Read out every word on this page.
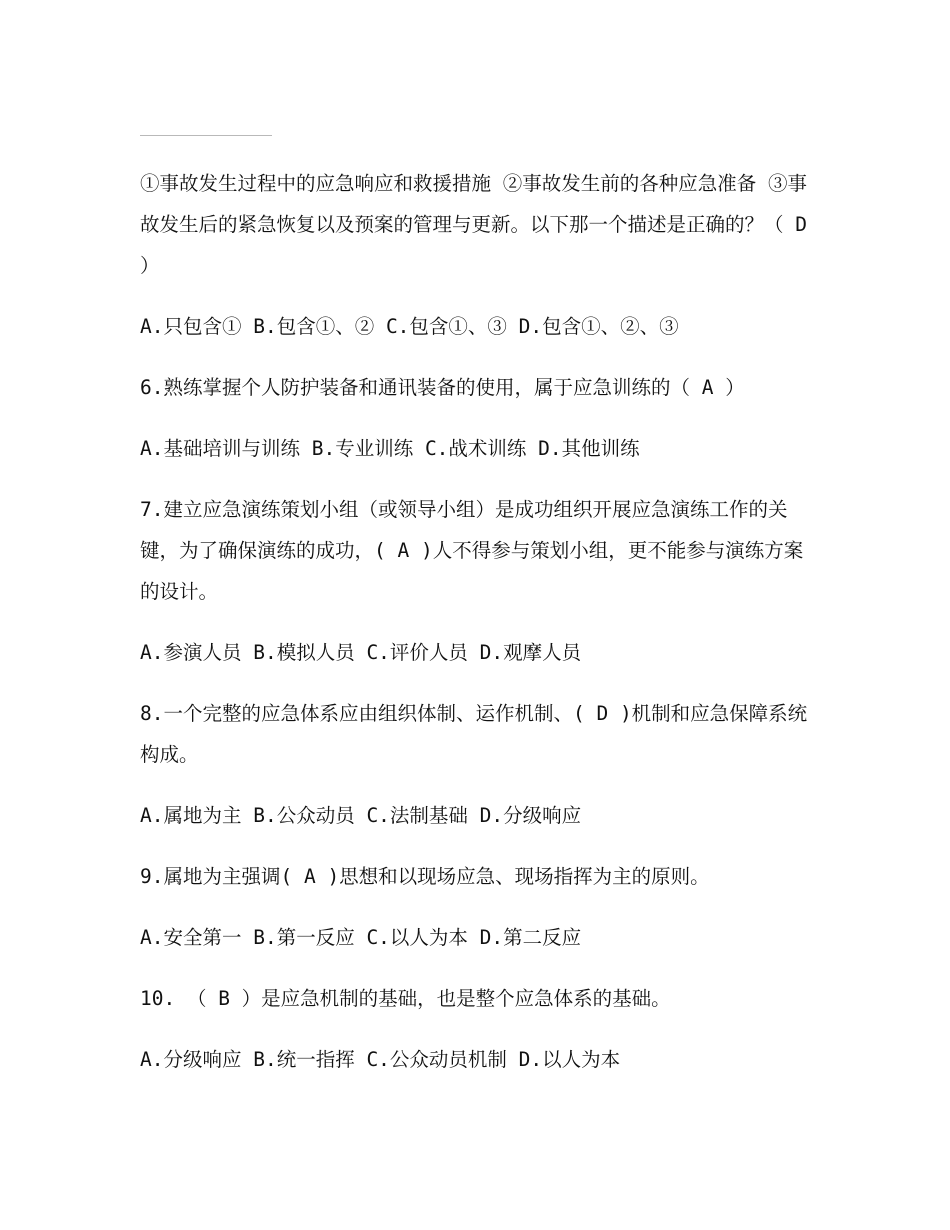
①事故发生过程中的应急响应和救援措施 ②事故发生前的各种应急准备 ③事故发生后的紧急恢复以及预案的管理与更新。以下那一个描述是正确的？（ D ）

A.只包含① B.包含①、② C.包含①、③ D.包含①、②、③

6.熟练掌握个人防护装备和通讯装备的使用，属于应急训练的（ A ）

A.基础培训与训练 B.专业训练 C.战术训练 D.其他训练

7.建立应急演练策划小组（或领导小组）是成功组织开展应急演练工作的关键，为了确保演练的成功，( A )人不得参与策划小组，更不能参与演练方案的设计。

A.参演人员 B.模拟人员 C.评价人员 D.观摩人员

8.一个完整的应急体系应由组织体制、运作机制、( D )机制和应急保障系统构成。

A.属地为主 B.公众动员 C.法制基础 D.分级响应

9.属地为主强调( A )思想和以现场应急、现场指挥为主的原则。

A.安全第一 B.第一反应 C.以人为本 D.第二反应

10. （ B ）是应急机制的基础，也是整个应急体系的基础。

A.分级响应 B.统一指挥 C.公众动员机制 D.以人为本
